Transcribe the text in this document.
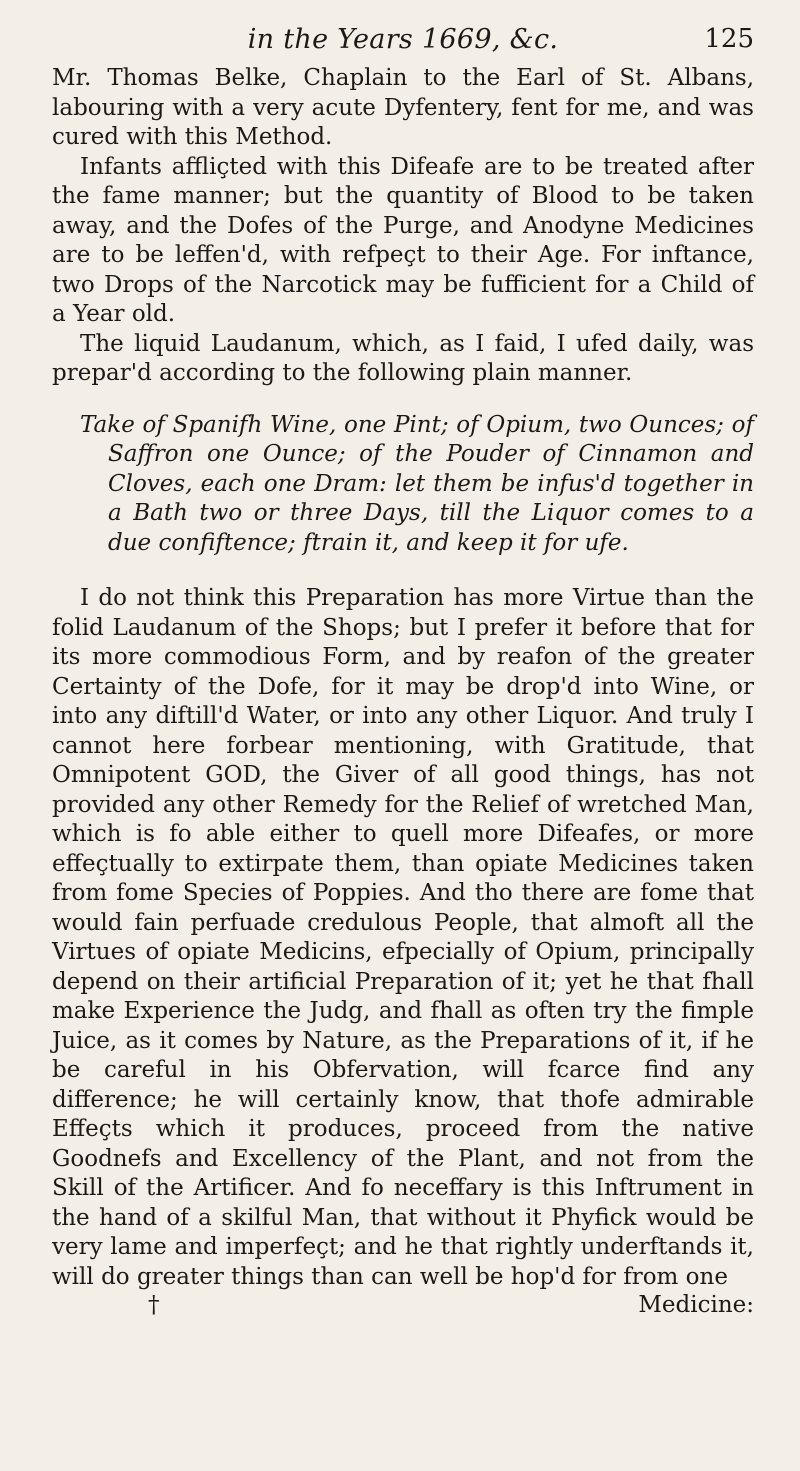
in the Years 1669, &c.	125

Mr. Thomas Belke, Chaplain to the Earl of St. Albans, labouring with a very acute Dyfentery, fent for me, and was cured with this Method.

Infants affliçted with this Difeafe are to be treated after the fame manner; but the quantity of Blood to be taken away, and the Dofes of the Purge, and Anodyne Medicines are to be leffen'd, with refpeçt to their Age. For inftance, two Drops of the Narcotick may be fufficient for a Child of a Year old.

The liquid Laudanum, which, as I faid, I ufed daily, was prepar'd according to the following plain manner.

Take of Spanifh Wine, one Pint; of Opium, two Ounces; of Saffron one Ounce; of the Pouder of Cinnamon and Cloves, each one Dram: let them be infus'd together in a Bath two or three Days, till the Liquor comes to a due confiftence; ftrain it, and keep it for ufe.

I do not think this Preparation has more Virtue than the folid Laudanum of the Shops; but I prefer it before that for its more commodious Form, and by reafon of the greater Certainty of the Dofe, for it may be drop'd into Wine, or into any diftill'd Water, or into any other Liquor. And truly I cannot here forbear mentioning, with Gratitude, that Omnipotent GOD, the Giver of all good things, has not provided any other Remedy for the Relief of wretched Man, which is fo able either to quell more Difeafes, or more effeçtually to extirpate them, than opiate Medicines taken from fome Species of Poppies. And tho there are fome that would fain perfuade credulous People, that almoft all the Virtues of opiate Medicins, efpecially of Opium, principally depend on their artificial Preparation of it; yet he that fhall make Experience the Judg, and fhall as often try the fimple Juice, as it comes by Nature, as the Preparations of it, if he be careful in his Obfervation, will fcarce find any difference; he will certainly know, that thofe admirable Effeçts which it produces, proceed from the native Goodnefs and Excellency of the Plant, and not from the Skill of the Artificer. And fo neceffary is this Inftrument in the hand of a skilful Man, that without it Phyfick would be very lame and imperfeçt; and he that rightly underftands it, will do greater things than can well be hop'd for from one

†	Medicine:
